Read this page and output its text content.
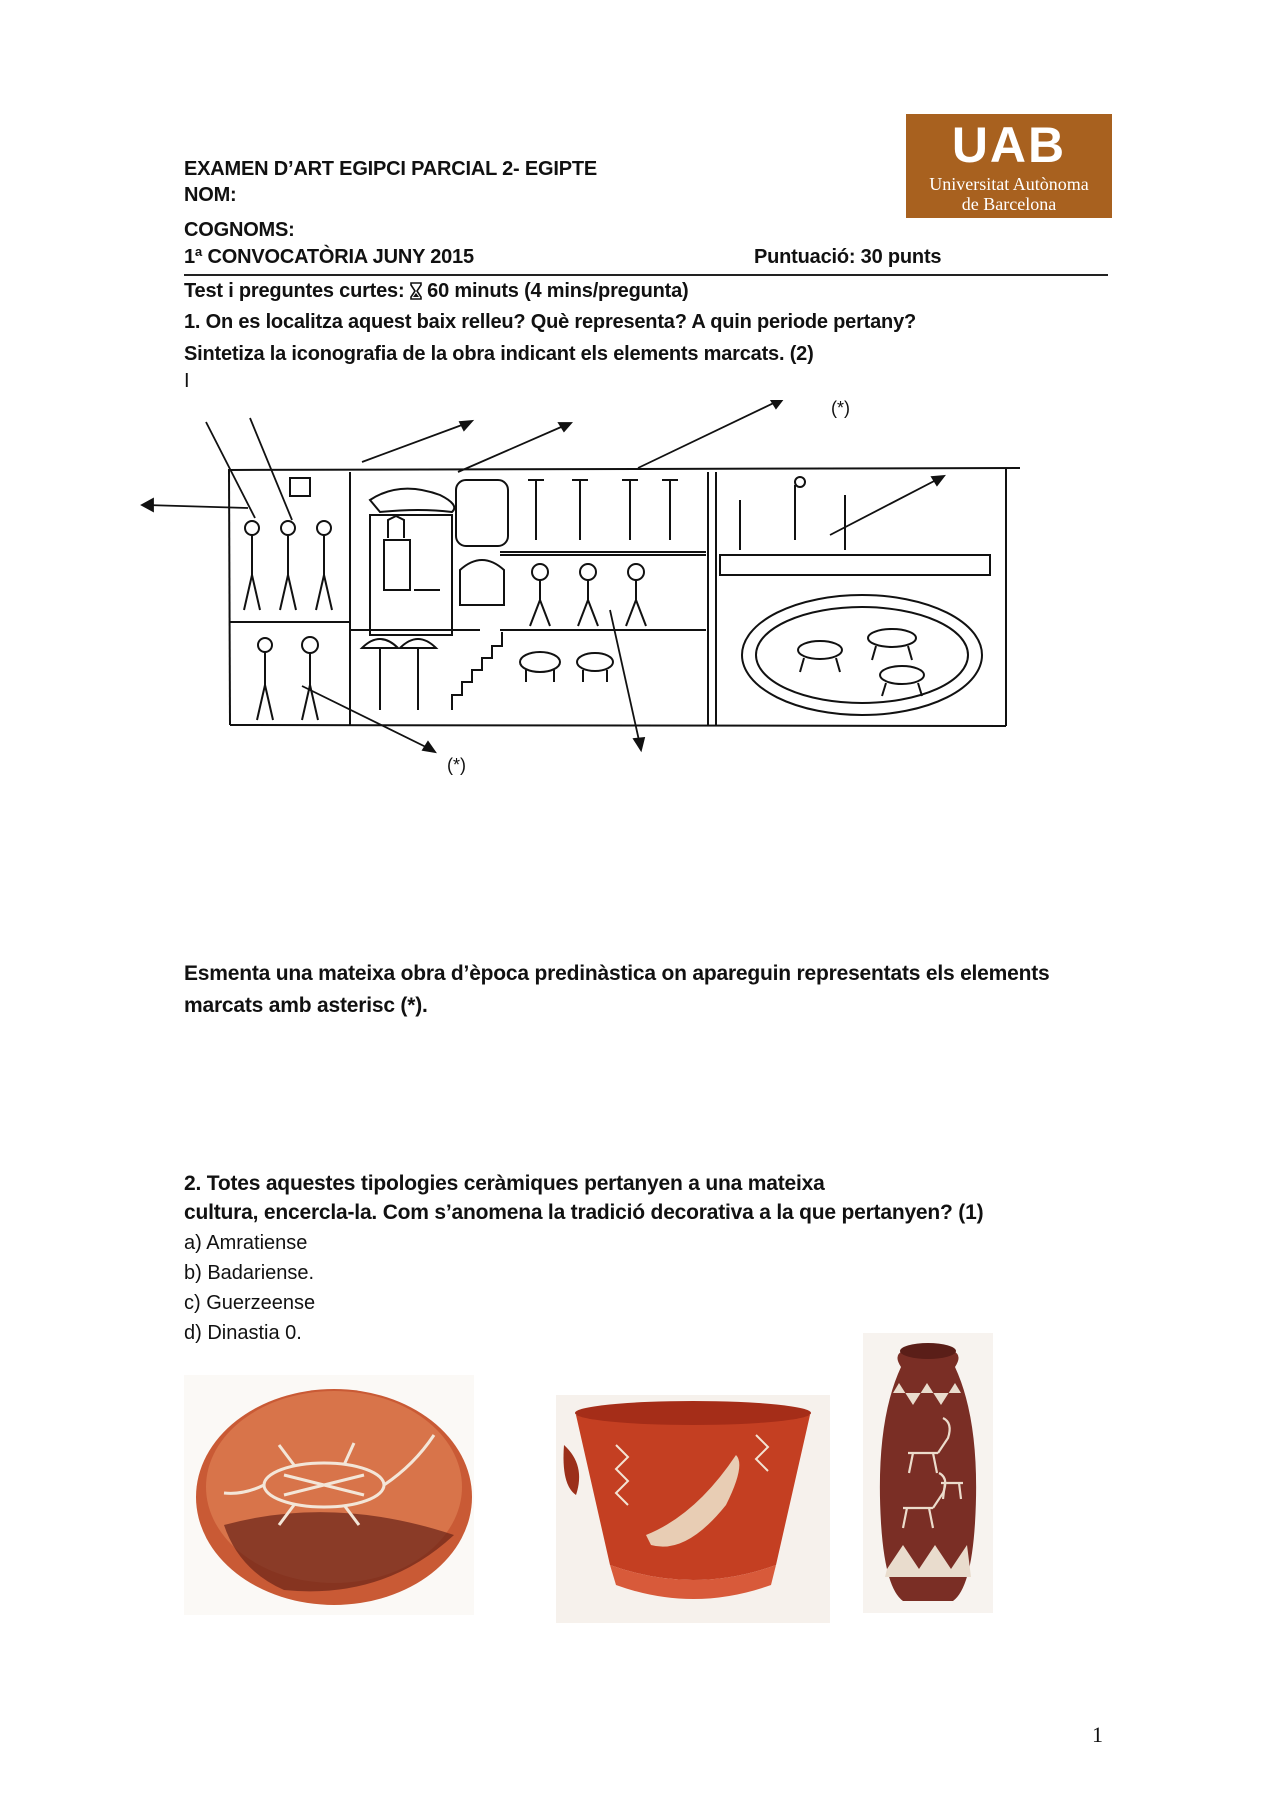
UAB
Universitat Autònoma
de Barcelona
EXAMEN D’ART EGIPCI PARCIAL 2- EGIPTE
NOM:
COGNOMS:
1ª CONVOCATÒRIA JUNY 2015	Puntuació: 30 punts
Test i preguntes curtes:  60 minuts (4 mins/pregunta)
1. On es localitza aquest baix relleu? Què representa? A quin periode pertany?
Sintetiza la iconografia de la obra indicant els elements marcats. (2)
I
(*)
(*)
Esmenta una mateixa obra d’època predinàstica on apareguin representats els elements
marcats amb asterisc (*).
2. Totes aquestes tipologies ceràmiques pertanyen a una mateixa
cultura, encercla-la. Com s’anomena la tradició decorativa a la que pertanyen? (1)
a) Amratiense
b) Badariense.
c) Guerzeense
d) Dinastia 0.
1
